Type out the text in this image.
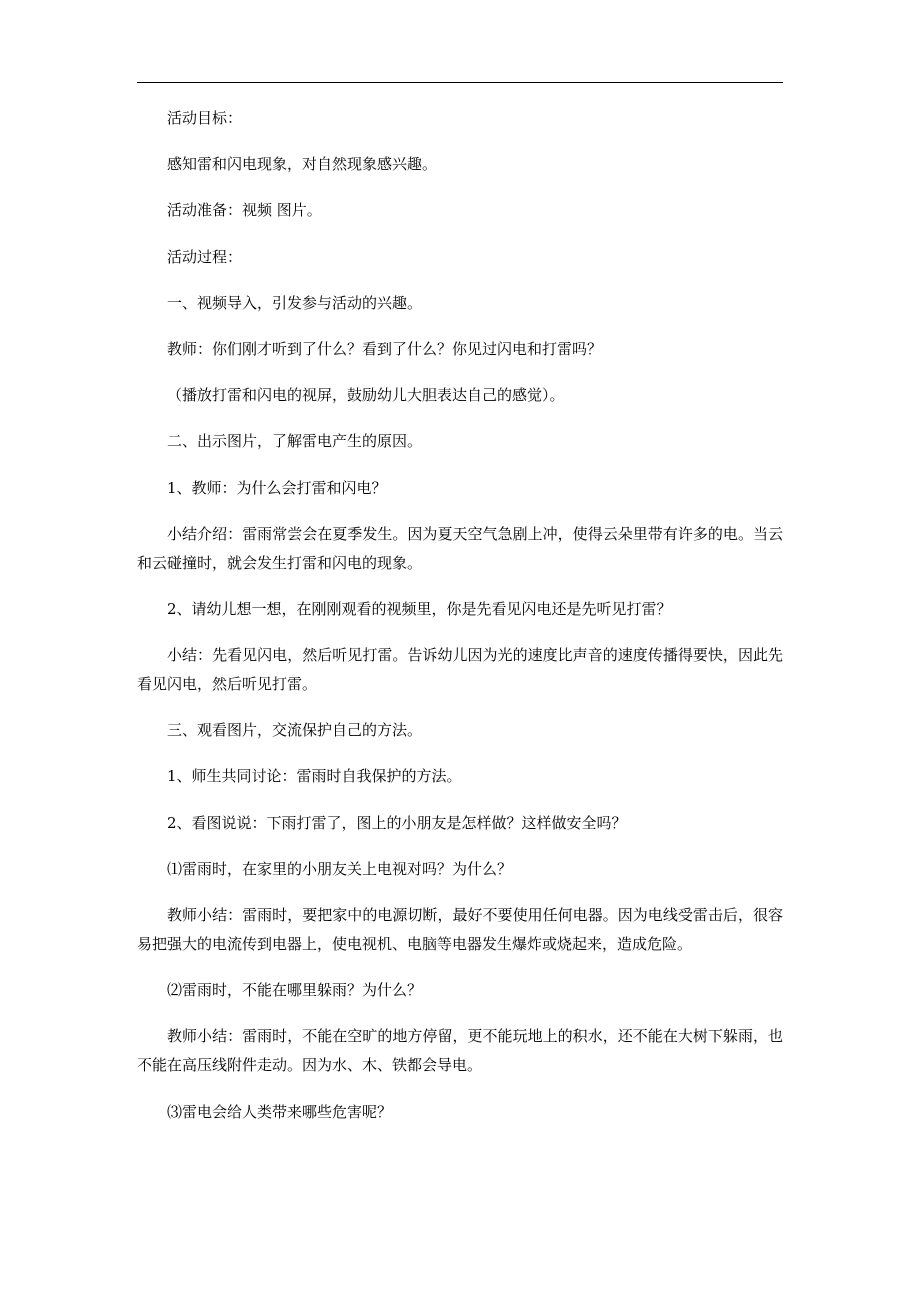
活动目标：

感知雷和闪电现象，对自然现象感兴趣。

活动准备：视频 图片。

活动过程：

一、视频导入，引发参与活动的兴趣。

教师：你们刚才听到了什么？看到了什么？你见过闪电和打雷吗？

（播放打雷和闪电的视屏，鼓励幼儿大胆表达自己的感觉）。

二、出示图片，了解雷电产生的原因。

1、教师：为什么会打雷和闪电？

小结介绍：雷雨常尝会在夏季发生。因为夏天空气急剧上冲，使得云朵里带有许多的电。当云和云碰撞时，就会发生打雷和闪电的现象。

2、请幼儿想一想，在刚刚观看的视频里，你是先看见闪电还是先听见打雷？

小结：先看见闪电，然后听见打雷。告诉幼儿因为光的速度比声音的速度传播得要快，因此先看见闪电，然后听见打雷。

三、观看图片，交流保护自己的方法。

1、师生共同讨论：雷雨时自我保护的方法。

2、看图说说：下雨打雷了，图上的小朋友是怎样做？这样做安全吗？

⑴雷雨时，在家里的小朋友关上电视对吗？为什么？

教师小结：雷雨时，要把家中的电源切断，最好不要使用任何电器。因为电线受雷击后，很容易把强大的电流传到电器上，使电视机、电脑等电器发生爆炸或烧起来，造成危险。

⑵雷雨时，不能在哪里躲雨？为什么？

教师小结：雷雨时，不能在空旷的地方停留，更不能玩地上的积水，还不能在大树下躲雨，也不能在高压线附件走动。因为水、木、铁都会导电。

⑶雷电会给人类带来哪些危害呢？
